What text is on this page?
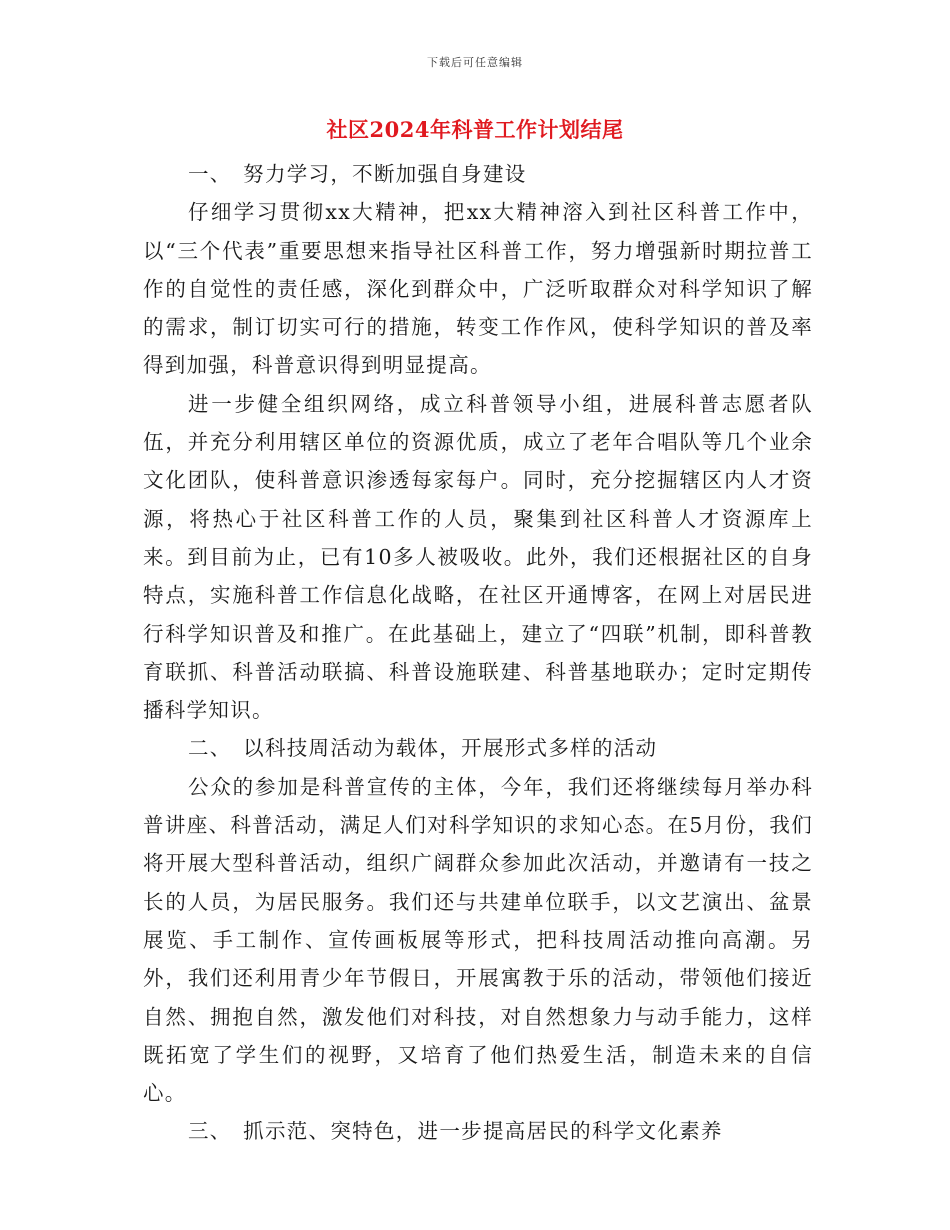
下载后可任意编辑
社区2024年科普工作计划结尾

一、　努力学习，不断加强自身建设

仔细学习贯彻xx大精神，把xx大精神溶入到社区科普工作中，以“三个代表”重要思想来指导社区科普工作，努力增强新时期拉普工作的自觉性的责任感，深化到群众中，广泛听取群众对科学知识了解的需求，制订切实可行的措施，转变工作作风，使科学知识的普及率得到加强，科普意识得到明显提高。

进一步健全组织网络，成立科普领导小组，进展科普志愿者队伍，并充分利用辖区单位的资源优质，成立了老年合唱队等几个业余文化团队，使科普意识渗透每家每户。同时，充分挖掘辖区内人才资源，将热心于社区科普工作的人员，聚集到社区科普人才资源库上来。到目前为止，已有10多人被吸收。此外，我们还根据社区的自身特点，实施科普工作信息化战略，在社区开通博客，在网上对居民进行科学知识普及和推广。在此基础上，建立了“四联”机制，即科普教育联抓、科普活动联搞、科普设施联建、科普基地联办；定时定期传播科学知识。

二、　以科技周活动为载体，开展形式多样的活动

公众的参加是科普宣传的主体，今年，我们还将继续每月举办科普讲座、科普活动，满足人们对科学知识的求知心态。在5月份，我们将开展大型科普活动，组织广阔群众参加此次活动，并邀请有一技之长的人员，为居民服务。我们还与共建单位联手，以文艺演出、盆景展览、手工制作、宣传画板展等形式，把科技周活动推向高潮。另外，我们还利用青少年节假日，开展寓教于乐的活动，带领他们接近自然、拥抱自然，激发他们对科技，对自然想象力与动手能力，这样既拓宽了学生们的视野，又培育了他们热爱生活，制造未来的自信心。

三、　抓示范、突特色，进一步提高居民的科学文化素养
